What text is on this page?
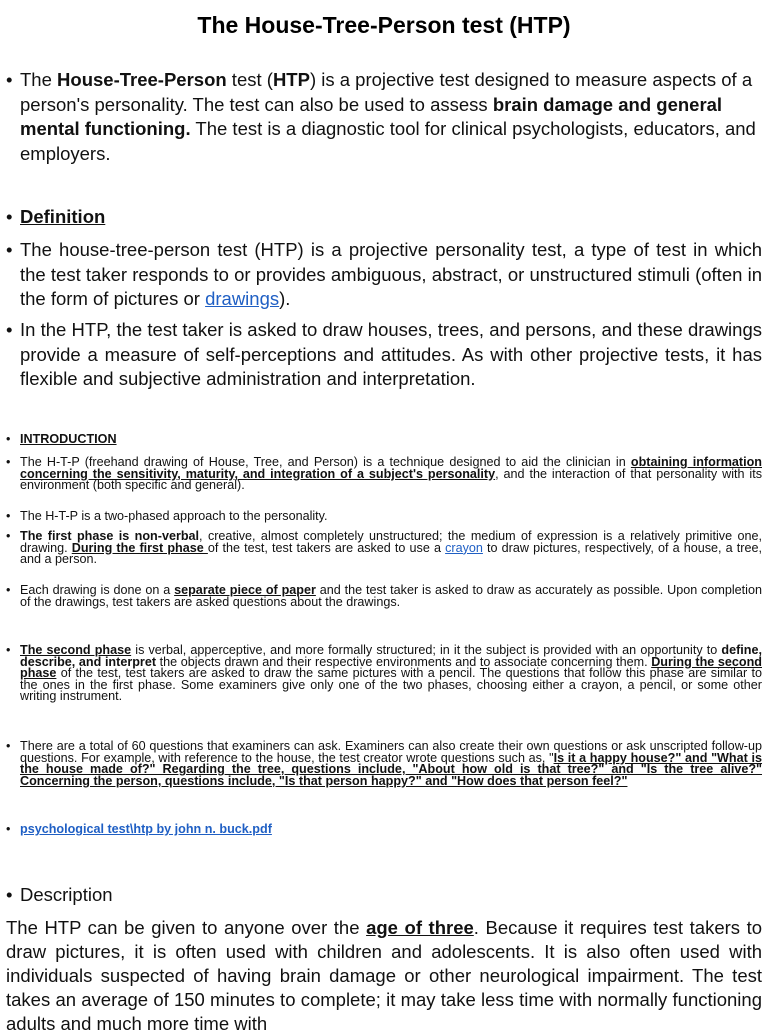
The House-Tree-Person test (HTP)
• The House-Tree-Person test (HTP) is a projective test designed to measure aspects of a person's personality. The test can also be used to assess brain damage and general mental functioning. The test is a diagnostic tool for clinical psychologists, educators, and employers.
• Definition
• The house-tree-person test (HTP) is a projective personality test, a type of test in which the test taker responds to or provides ambiguous, abstract, or unstructured stimuli (often in the form of pictures or drawings).
• In the HTP, the test taker is asked to draw houses, trees, and persons, and these drawings provide a measure of self-perceptions and attitudes. As with other projective tests, it has flexible and subjective administration and interpretation.
• INTRODUCTION
• The H-T-P (freehand drawing of House, Tree, and Person) is a technique designed to aid the clinician in obtaining information concerning the sensitivity, maturity, and integration of a subject's personality, and the interaction of that personality with its environment (both specific and general).
• The H-T-P is a two-phased approach to the personality.
• The first phase is non-verbal, creative, almost completely unstructured; the medium of expression is a relatively primitive one, drawing. During the first phase of the test, test takers are asked to use a crayon to draw pictures, respectively, of a house, a tree, and a person.
• Each drawing is done on a separate piece of paper and the test taker is asked to draw as accurately as possible. Upon completion of the drawings, test takers are asked questions about the drawings.
• The second phase is verbal, apperceptive, and more formally structured; in it the subject is provided with an opportunity to define, describe, and interpret the objects drawn and their respective environments and to associate concerning them. During the second phase of the test, test takers are asked to draw the same pictures with a pencil. The questions that follow this phase are similar to the ones in the first phase. Some examiners give only one of the two phases, choosing either a crayon, a pencil, or some other writing instrument.
• There are a total of 60 questions that examiners can ask. Examiners can also create their own questions or ask unscripted follow-up questions. For example, with reference to the house, the test creator wrote questions such as, "Is it a happy house?" and "What is the house made of?" Regarding the tree, questions include, "About how old is that tree?" and "Is the tree alive?" Concerning the person, questions include, "Is that person happy?" and "How does that person feel?"
• psychological test\htp by john n. buck.pdf
• Description
The HTP can be given to anyone over the age of three. Because it requires test takers to draw pictures, it is often used with children and adolescents. It is also often used with individuals suspected of having brain damage or other neurological impairment. The test takes an average of 150 minutes to complete; it may take less time with normally functioning adults and much more time with
